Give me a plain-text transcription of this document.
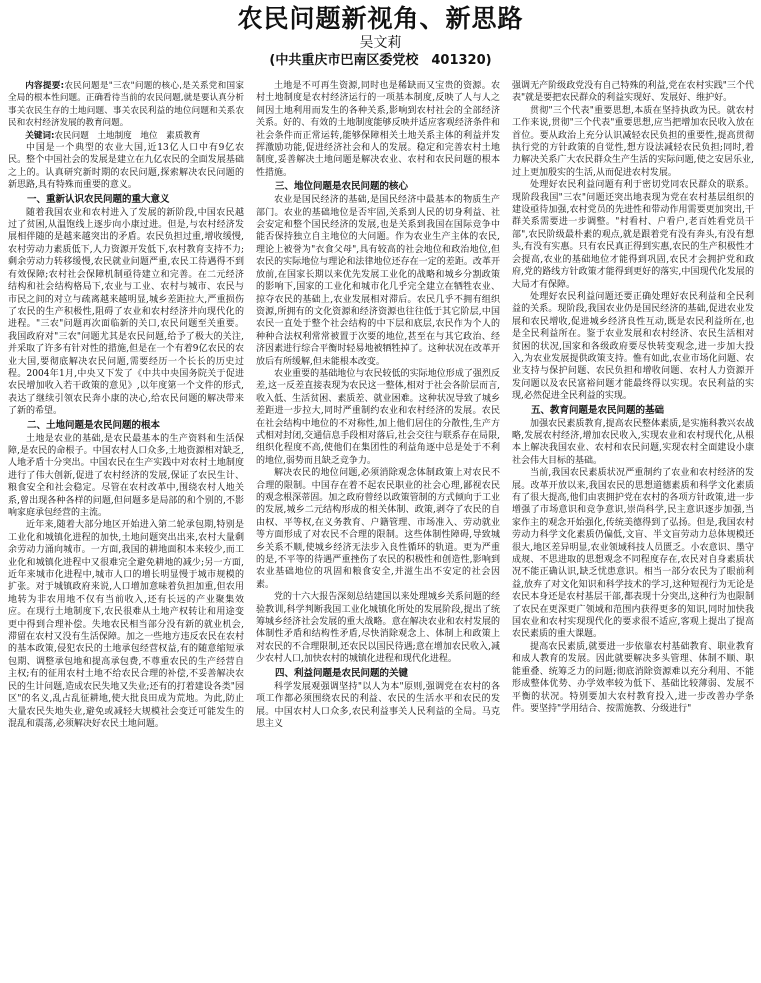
农民问题新视角、新思路
吴文莉
(中共重庆市巴南区委党校　401320)

内容提要:农民问题是"三农"问题的核心,是关系党和国家全局的根本性问题。正确看待当前的农民问题,就是要认真分析事关农民生存的土地问题、事关农民利益的地位问题和关系农民和农村经济发展的教育问题。

关键词:农民问题　土地制度　地位　素质教育

中国是一个典型的农业大国,近13亿人口中有9亿农民。整个中国社会的发展是建立在九亿农民的全面发展基础之上的。认真研究新时期的农民问题,探索解决农民问题的新思路,具有特殊而重要的意义。

一、重新认识农民问题的重大意义

随着我国农业和农村进入了发展的新阶段,中国农民越过了贫困,从温饱线上逐步向小康过进。但是,与农村经济发展相伴随的是越来越突出的矛盾。农民负担过重,增收缓慢,农村劳动力素质低下,人力资源开发低下,农村教育支持不力;剩余劳动力转移缓慢,农民就业问题严重,农民工待遇得不到有效保障;农村社会保障机制亟待建立和完善。在二元经济结构和社会结构格局下,农业与工业、农村与城市、农民与市民之间的对立与疏离越来越明显,城乡差距拉大,严重损伤了农民的生产积极性,阻碍了农业和农村经济并向现代化的进程。"三农"问题再次面临新的关口,农民问题至关重要。我国政府对"三农"问题尤其是农民问题,给予了极大的关注,并采取了许多有针对性的措施,但是在一个有着9亿农民的农业大国,要彻底解决农民问题,需要经历一个长长的历史过程。2004年1月,中央又下发了《中共中央国务院关于促进农民增加收入若干政策的意见》,以年度第一个文件的形式,表达了继续引领农民奔小康的决心,给农民问题的解决带来了新的希望。

二、土地问题是农民问题的根本

土地是农业的基础,是农民最基本的生产资料和生活保障,是农民的命根子。中国农村人口众多,土地资源相对缺乏,人地矛盾十分突出。中国农民在生产实践中对农村土地制度进行了伟大创新,促进了农村经济的发展,保证了农民生计、粮食安全和社会稳定。尽管在农村改革中,围绕农村人地关系,曾出现各种各样的问题,但问题多是局部的和个别的,不影响家庭承包经营的主流。

近年来,随着大部分地区开始进入第二轮承包期,特别是工业化和城镇化进程的加快,土地问题突出出来,农村大量剩余劳动力涌向城市。一方面,我国的耕地面积本来较少,而工业化和城镇化进程中又很难完全避免耕地的减少;另一方面,近年来城市化进程中,城市人口的增长明显慢于城市规模的扩张。对于城镇政府来说,人口增加意味着负担加重,但农用地转为非农用地不仅有当前收入,还有长远的产业聚集效应。在现行土地制度下,农民很难从土地产权转让和用途变更中得到合理补偿。失地农民相当部分没有新的就业机会,滞留在农村又没有生活保障。加之一些地方违反农民在农村的基本政策,侵犯农民的土地承包经营权益,有的随意缩短承包期、调整承包地和提高承包费,不尊重农民的生产经营自主权;有的征用农村土地不给农民合理的补偿,不妥善解决农民的生计问题,造成农民失地又失业;还有的打着建设各类"园区"的名义,乱占乱征耕地,使大批良田成为荒地。为此,防止大量农民失地失业,避免或减轻大规模社会变迁可能发生的混乱和震荡,必须解决好农民土地问题。

土地是不可再生资源,同时也是稀缺而又宝贵的资源。农村土地制度是农村经济运行的一项基本制度,反映了人与人之间因土地利用而发生的各种关系,影响到农村社会的全部经济关系。好的、有效的土地制度能够反映并适应客观经济条件和社会条件而正常运转,能够保障相关土地关系主体的利益并发挥激励功能,促进经济社会和人的发展。稳定和完善农村土地制度,妥善解决土地问题是解决农业、农村和农民问题的根本性措施。

三、地位问题是农民问题的核心

农业是国民经济的基础,是国民经济中最基本的物质生产部门。农业的基础地位是否牢固,关系到人民的切身利益、社会安定和整个国民经济的发展,也是关系到我国在国际竞争中能否保持独立自主地位的大问题。作为农业生产主体的农民,理论上被誉为"衣食父母",具有较高的社会地位和政治地位,但农民的实际地位与理论和法律地位还存在一定的差距。改革开放前,在国家长期以来优先发展工业化的战略和城乡分割政策的影响下,国家的工业化和城市化几乎完全建立在牺牲农业、掠夺农民的基础上,农业发展相对滞后。农民几乎不拥有组织资源,所拥有的文化资源和经济资源也往往低于其它阶层,中国农民一直处于整个社会结构的中下层和底层,农民作为个人的种种合法权利常常被置于次要的地位,甚至在与其它政治、经济因素进行综合平衡时轻易地被牺牲掉了。这种状况在改革开放后有所缓解,但未能根本改变。

农业重要的基础地位与农民较低的实际地位形成了强烈反差,这一反差直接表现为农民这一整体,相对于社会各阶层而言,收入低、生活贫困、素质差、就业困难。这种状况导致了城乡差距进一步拉大,同时严重制约农业和农村经济的发展。农民在社会结构中地位的不对称性,加上他们居住的分散性,生产方式相对封闭,交通信息手段相对落后,社会交往与联系存在局限,组织化程度不高,使他们在集团性的利益角逐中总是处于不利的地位,弱势而且缺乏竞争力。

解决农民的地位问题,必须消除观念体制政策上对农民不合理的限制。中国存在着不起农民职业的社会心理,鄙视农民的观念根深蒂固。加之政府曾经以政策管制的方式倾向于工业的发展,城乡二元结构形成的相关体制、政策,剥夺了农民的自由权、平等权,在义务教育、户籍管理、市场准入、劳动就业等方面形成了对农民不合理的限制。这些体制性障碍,导致城乡关系不顺,使城乡经济无法步入良性循环的轨道。更为严重的是,不平等的待遇严重挫伤了农民的积极性和创造性,影响到农业基础地位的巩固和粮食安全,并滋生出不安定的社会因素。

党的十六大报告深刻总结建国以来处理城乡关系问题的经验教训,科学判断我国工业化城镇化所处的发展阶段,提出了统筹城乡经济社会发展的重大战略。意在解决农业和农村发展的体制性矛盾和结构性矛盾,尽快消除观念上、体制上和政策上对农民的不合理限制,还农民以国民待遇;意在增加农民收入,减少农村人口,加快农村的城镇化进程和现代化进程。

四、利益问题是农民问题的关键

科学发展观强调坚持"以人为本"原则,强调党在农村的各项工作都必须围绕农民的利益、农民的生活水平和农民的发展。中国农村人口众多,农民利益事关人民利益的全局。马克思主义

强调无产阶级政党没有自己特殊的利益,党在农村实践"三个代表"就是要把农民群众的利益实现好、发展好、维护好。

贯彻"三个代表"重要思想,本质在坚持执政为民。就农村工作来说,贯彻"三个代表"重要思想,应当把增加农民收入放在首位。要从政治上充分认识减轻农民负担的重要性,提高贯彻执行党的方针政策的自觉性,想方设法减轻农民负担;同时,着力解决关系广大农民群众生产生活的实际问题,使之安居乐业,过上更加殷实的生活,从而促进农村发展。

处理好农民利益问题有利于密切党同农民群众的联系。现阶段我国"三农"问题还突出地表现为党在农村基层组织的建设亟待加强,农村党员的先进性和带动作用需要更加突出,干群关系需要进一步调整。"村看村、户看户,老百姓看党员干部",农民阶级最朴素的观点,就是跟着党有没有奔头,有没有想头,有没有实惠。只有农民真正得到实惠,农民的生产积极性才会提高,农业的基础地位才能得到巩固,农民才会拥护党和政府,党的路线方针政策才能得到更好的落实,中国现代化发展的大局才有保障。

处理好农民利益问题还要正确处理好农民利益和全民利益的关系。现阶段,我国农业仍是国民经济的基础,促进农业发展和农民增收,促进城乡经济良性互动,既是农民利益所在,也是全民利益所在。鉴于农业发展和农村经济、农民生活相对贫困的状况,国家和各级政府要尽快转变观念,进一步加大投入,为农业发展提供政策支持。惟有如此,农业市场化问题、农业支持与保护问题、农民负担和增收问题、农村人力资源开发问题以及农民富裕问题才能最终得以实现。农民利益的实现,必然促进全民利益的实现。

五、教育问题是农民问题的基础

加强农民素质教育,提高农民整体素质,是实施科教兴农战略,发展农村经济,增加农民收入,实现农业和农村现代化,从根本上解决我国农业、农村和农民问题,实现农村全面建设小康社会伟大目标的基础。

当前,我国农民素质状况严重制约了农业和农村经济的发展。改革开放以来,我国农民的思想道德素质和科学文化素质有了很大提高,他们由衷拥护党在农村的各项方针政策,进一步增强了市场意识和竞争意识,崇尚科学,民主意识逐步加强,当家作主的观念开始强化,传统美德得到了弘扬。但是,我国农村劳动力科学文化素质仍偏低,文盲、半文盲劳动力总体规模还很大,地区差异明显,农业领域科技人员匮乏。小农意识、墨守成规、不思进取的思想观念不同程度存在,农民对自身素质状况不能正确认识,缺乏忧患意识。相当一部分农民为了眼前利益,放弃了对文化知识和科学技术的学习,这种短视行为无论是农民本身还是农村基层干部,都表现十分突出,这种行为也限制了农民在更深更广领域和范围内获得更多的知识,同时加快我国农业和农村实现现代化的要求很不适应,客观上提出了提高农民素质的重大课题。

提高农民素质,就要进一步依靠农村基础教育、职业教育和成人教育的发展。因此就要解决多头管理、体制不顺、职能重叠、统筹乏力的问题;彻底消除资源难以充分利用、不能形成整体优势、办学效率较为低下、基础比较薄弱、发展不平衡的状况。特别要加大农村教育投入,进一步改善办学条件。要坚持"学用结合、按需施教、分级进行"
